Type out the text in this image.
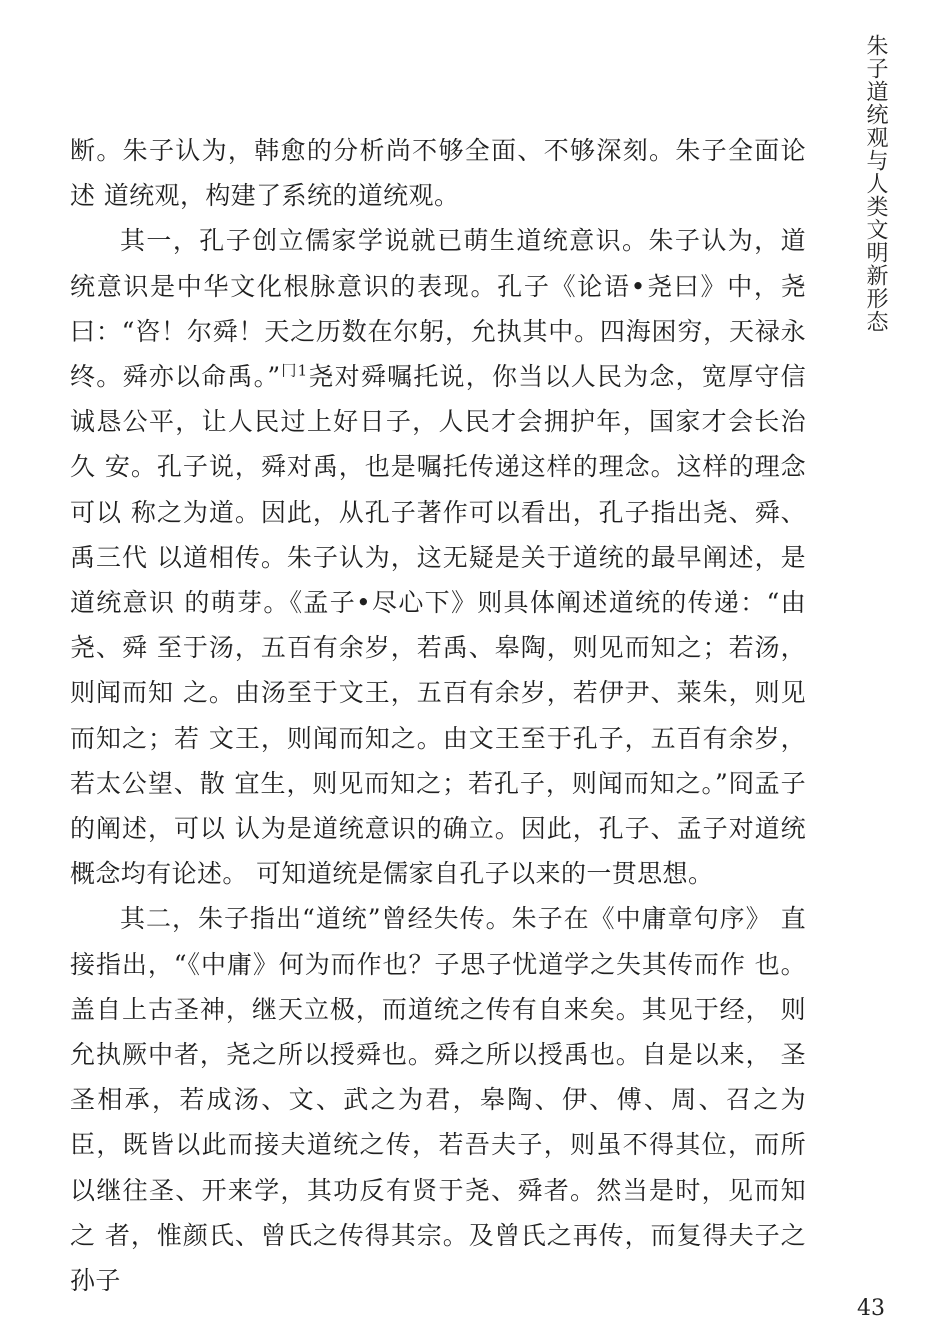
朱子道统观与人类文明新形态

断。朱子认为，韩愈的分析尚不够全面、不够深刻。朱子全面论述 道统观，构建了系统的道统观。

其一，孔子创立儒家学说就已萌生道统意识。朱子认为，道 统意识是中华文化根脉意识的表现。孔子《论语•尧曰》中，尧 曰：“咨！尔舜！天之历数在尔躬，允执其中。四海困穷，天禄永 终。舜亦以命禹。”$^{冂1}$尧对舜嘱托说，你当以人民为念，宽厚守信 诚恳公平，让人民过上好日子，人民才会拥护年，国家才会长治久 安。孔子说，舜对禹，也是嘱托传递这样的理念。这样的理念可以 称之为道。因此，从孔子著作可以看出，孔子指出尧、舜、禹三代 以道相传。朱子认为，这无疑是关于道统的最早阐述，是道统意识 的萌芽。《孟子•尽心下》则具体阐述道统的传递：“由尧、舜 至于汤，五百有余岁，若禹、皋陶，则见而知之；若汤，则闻而知 之。由汤至于文王，五百有余岁，若伊尹、莱朱，则见而知之；若 文王，则闻而知之。由文王至于孔子，五百有余岁，若太公望、散 宜生，则见而知之；若孔子，则闻而知之。”冏孟子的阐述，可以 认为是道统意识的确立。因此，孔子、孟子对道统概念均有论述。 可知道统是儒家自孔子以来的一贯思想。

其二，朱子指出“道统”曾经失传。朱子在《中庸章句序》 直接指出，“《中庸》何为而作也？子思子忧道学之失其传而作 也。盖自上古圣神，继天立极，而道统之传有自来矣。其见于经， 则允执厥中者，尧之所以授舜也。舜之所以授禹也。自是以来， 圣圣相承，若成汤、文、武之为君，皋陶、伊、傅、周、召之为 臣，既皆以此而接夫道统之传，若吾夫子，则虽不得其位，而所 以继往圣、开来学，其功反有贤于尧、舜者。然当是时，见而知之 者，惟颜氏、曾氏之传得其宗。及曾氏之再传，而复得夫子之孙子

43
